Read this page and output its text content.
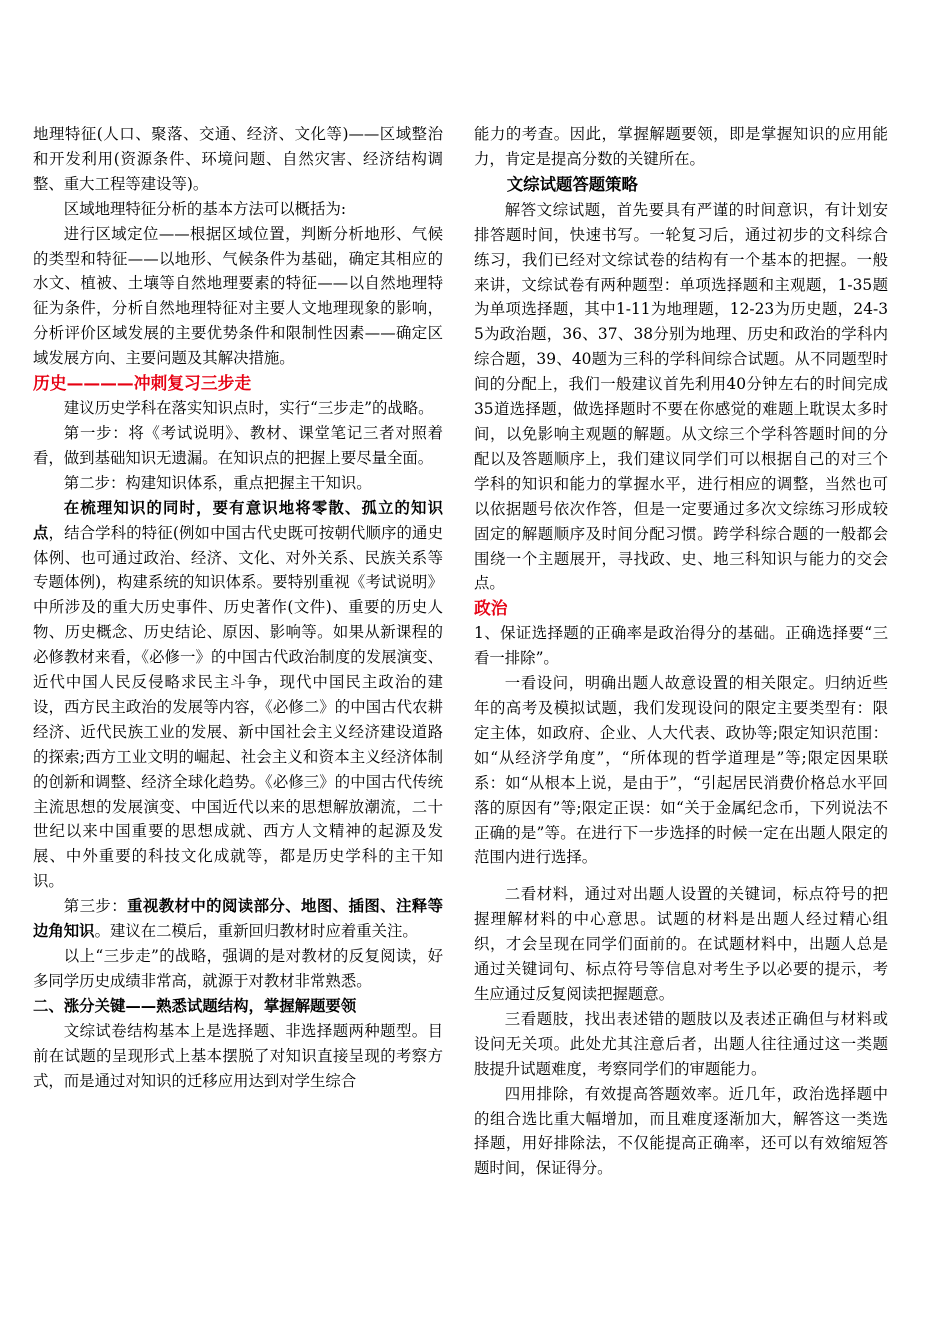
地理特征(人口、聚落、交通、经济、文化等)——区域整治和开发利用(资源条件、环境问题、自然灾害、经济结构调整、重大工程等建设等)。

区域地理特征分析的基本方法可以概括为:

进行区域定位——根据区域位置，判断分析地形、气候的类型和特征——以地形、气候条件为基础，确定其相应的水文、植被、土壤等自然地理要素的特征——以自然地理特征为条件，分析自然地理特征对主要人文地理现象的影响，分析评价区域发展的主要优势条件和限制性因素——确定区域发展方向、主要问题及其解决措施。

历史————冲刺复习三步走

建议历史学科在落实知识点时，实行“三步走”的战略。

第一步：将《考试说明》、教材、课堂笔记三者对照着看，做到基础知识无遗漏。在知识点的把握上要尽量全面。

第二步：构建知识体系，重点把握主干知识。

在梳理知识的同时，要有意识地将零散、孤立的知识点，结合学科的特征(例如中国古代史既可按朝代顺序的通史体例、也可通过政治、经济、文化、对外关系、民族关系等专题体例)，构建系统的知识体系。要特别重视《考试说明》中所涉及的重大历史事件、历史著作(文件)、重要的历史人物、历史概念、历史结论、原因、影响等。如果从新课程的必修教材来看，《必修一》的中国古代政治制度的发展演变、近代中国人民反侵略求民主斗争，现代中国民主政治的建设，西方民主政治的发展等内容，《必修二》的中国古代农耕经济、近代民族工业的发展、新中国社会主义经济建设道路的探索;西方工业文明的崛起、社会主义和资本主义经济体制的创新和调整、经济全球化趋势。《必修三》的中国古代传统主流思想的发展演变、中国近代以来的思想解放潮流，二十世纪以来中国重要的思想成就、西方人文精神的起源及发展、中外重要的科技文化成就等，都是历史学科的主干知识。

第三步：重视教材中的阅读部分、地图、插图、注释等边角知识。建议在二模后，重新回归教材时应着重关注。

以上“三步走”的战略，强调的是对教材的反复阅读，好多同学历史成绩非常高，就源于对教材非常熟悉。

二、涨分关键——熟悉试题结构，掌握解题要领

文综试卷结构基本上是选择题、非选择题两种题型。目前在试题的呈现形式上基本摆脱了对知识直接呈现的考察方式，而是通过对知识的迁移应用达到对学生综合

能力的考查。因此，掌握解题要领，即是掌握知识的应用能力，肯定是提高分数的关键所在。

文综试题答题策略

解答文综试题，首先要具有严谨的时间意识，有计划安排答题时间，快速书写。一轮复习后，通过初步的文科综合练习，我们已经对文综试卷的结构有一个基本的把握。一般来讲，文综试卷有两种题型：单项选择题和主观题，1-35题为单项选择题，其中1-11为地理题，12-23为历史题，24-35为政治题，36、37、38分别为地理、历史和政治的学科内综合题，39、40题为三科的学科间综合试题。从不同题型时间的分配上，我们一般建议首先利用40分钟左右的时间完成35道选择题，做选择题时不要在你感觉的难题上耽误太多时间，以免影响主观题的解题。从文综三个学科答题时间的分配以及答题顺序上，我们建议同学们可以根据自己的对三个学科的知识和能力的掌握水平，进行相应的调整，当然也可以依据题号依次作答，但是一定要通过多次文综练习形成较固定的解题顺序及时间分配习惯。跨学科综合题的一般都会围绕一个主题展开，寻找政、史、地三科知识与能力的交会点。

政治

1、保证选择题的正确率是政治得分的基础。正确选择要“三看一排除”。

一看设问，明确出题人故意设置的相关限定。归纳近些年的高考及模拟试题，我们发现设问的限定主要类型有：限定主体，如政府、企业、人大代表、政协等;限定知识范围：如“从经济学角度”，“所体现的哲学道理是”等;限定因果联系：如“从根本上说，是由于”，“引起居民消费价格总水平回落的原因有”等;限定正误：如“关于金属纪念币，下列说法不正确的是”等。在进行下一步选择的时候一定在出题人限定的范围内进行选择。

二看材料，通过对出题人设置的关键词，标点符号的把握理解材料的中心意思。试题的材料是出题人经过精心组织，才会呈现在同学们面前的。在试题材料中，出题人总是通过关键词句、标点符号等信息对考生予以必要的提示，考生应通过反复阅读把握题意。

三看题肢，找出表述错的题肢以及表述正确但与材料或设问无关项。此处尤其注意后者，出题人往往通过这一类题肢提升试题难度，考察同学们的审题能力。

四用排除，有效提高答题效率。近几年，政治选择题中的组合选比重大幅增加，而且难度逐渐加大，解答这一类选择题，用好排除法，不仅能提高正确率，还可以有效缩短答题时间，保证得分。
